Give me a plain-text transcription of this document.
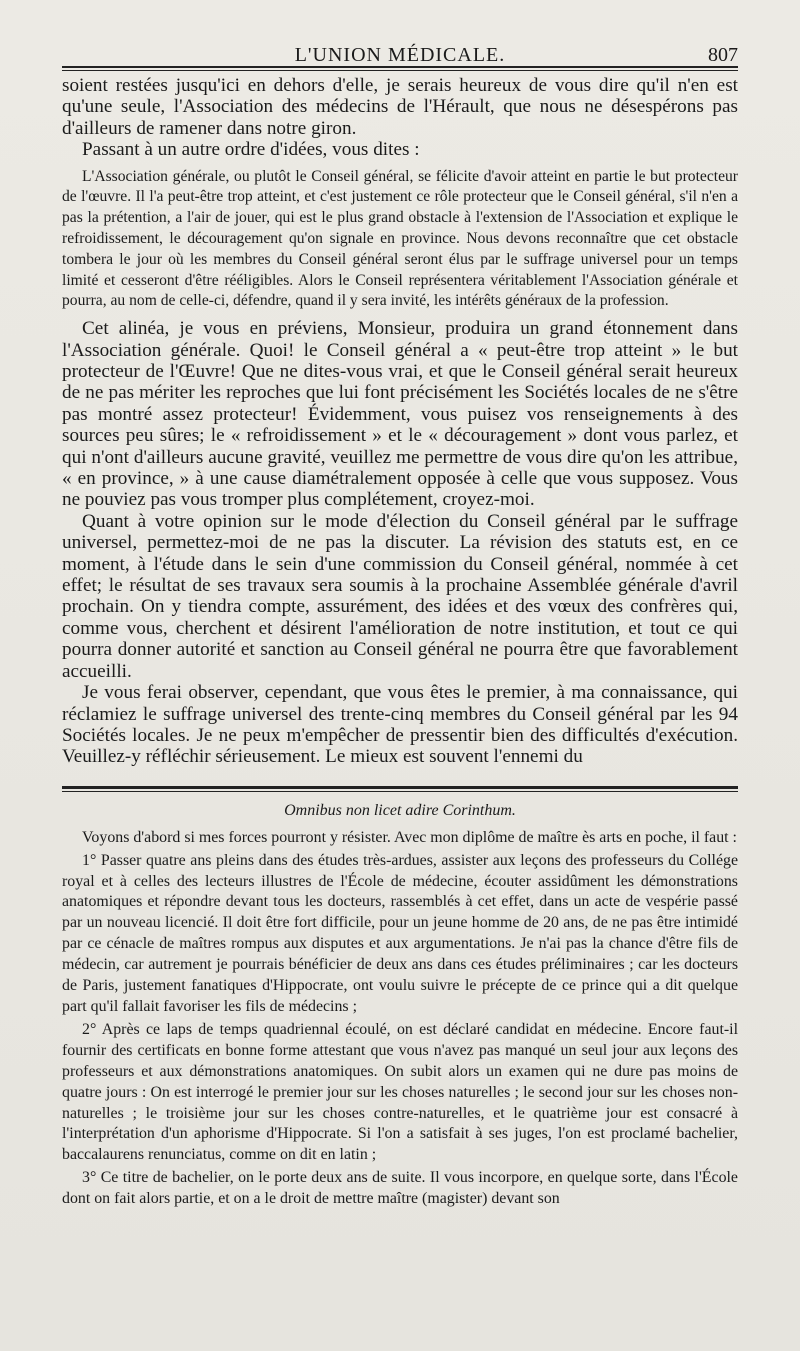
L'UNION MÉDICALE.	807

soient restées jusqu'ici en dehors d'elle, je serais heureux de vous dire qu'il n'en est qu'une seule, l'Association des médecins de l'Hérault, que nous ne désespérons pas d'ailleurs de ramener dans notre giron.

Passant à un autre ordre d'idées, vous dites :

L'Association générale, ou plutôt le Conseil général, se félicite d'avoir atteint en partie le but protecteur de l'œuvre. Il l'a peut-être trop atteint, et c'est justement ce rôle protecteur que le Conseil général, s'il n'en a pas la prétention, a l'air de jouer, qui est le plus grand obstacle à l'extension de l'Association et explique le refroidissement, le découragement qu'on signale en province. Nous devons reconnaître que cet obstacle tombera le jour où les membres du Conseil général seront élus par le suffrage universel pour un temps limité et cesseront d'être rééligibles. Alors le Conseil représentera véritablement l'Association générale et pourra, au nom de celle-ci, défendre, quand il y sera invité, les intérêts généraux de la profession.

Cet alinéa, je vous en préviens, Monsieur, produira un grand étonnement dans l'Association générale. Quoi! le Conseil général a « peut-être trop atteint » le but protecteur de l'Œuvre! Que ne dites-vous vrai, et que le Conseil général serait heureux de ne pas mériter les reproches que lui font précisément les Sociétés locales de ne s'être pas montré assez protecteur! Évidemment, vous puisez vos renseignements à des sources peu sûres; le « refroidissement » et le « découragement » dont vous parlez, et qui n'ont d'ailleurs aucune gravité, veuillez me permettre de vous dire qu'on les attribue, « en province, » à une cause diamétralement opposée à celle que vous supposez. Vous ne pouviez pas vous tromper plus complétement, croyez-moi.

Quant à votre opinion sur le mode d'élection du Conseil général par le suffrage universel, permettez-moi de ne pas la discuter. La révision des statuts est, en ce moment, à l'étude dans le sein d'une commission du Conseil général, nommée à cet effet; le résultat de ses travaux sera soumis à la prochaine Assemblée générale d'avril prochain. On y tiendra compte, assurément, des idées et des vœux des confrères qui, comme vous, cherchent et désirent l'amélioration de notre institution, et tout ce qui pourra donner autorité et sanction au Conseil général ne pourra être que favorablement accueilli.

Je vous ferai observer, cependant, que vous êtes le premier, à ma connaissance, qui réclamiez le suffrage universel des trente-cinq membres du Conseil général par les 94 Sociétés locales. Je ne peux m'empêcher de pressentir bien des difficultés d'exécution. Veuillez-y réfléchir sérieusement. Le mieux est souvent l'ennemi du

Omnibus non licet adire Corinthum.

Voyons d'abord si mes forces pourront y résister. Avec mon diplôme de maître ès arts en poche, il faut :

1° Passer quatre ans pleins dans des études très-ardues, assister aux leçons des professeurs du Collége royal et à celles des lecteurs illustres de l'École de médecine, écouter assidûment les démonstrations anatomiques et répondre devant tous les docteurs, rassemblés à cet effet, dans un acte de vespérie passé par un nouveau licencié. Il doit être fort difficile, pour un jeune homme de 20 ans, de ne pas être intimidé par ce cénacle de maîtres rompus aux disputes et aux argumentations. Je n'ai pas la chance d'être fils de médecin, car autrement je pourrais bénéficier de deux ans dans ces études préliminaires ; car les docteurs de Paris, justement fanatiques d'Hippocrate, ont voulu suivre le précepte de ce prince qui a dit quelque part qu'il fallait favoriser les fils de médecins ;

2° Après ce laps de temps quadriennal écoulé, on est déclaré candidat en médecine. Encore faut-il fournir des certificats en bonne forme attestant que vous n'avez pas manqué un seul jour aux leçons des professeurs et aux démonstrations anatomiques. On subit alors un examen qui ne dure pas moins de quatre jours : On est interrogé le premier jour sur les choses naturelles ; le second jour sur les choses non-naturelles ; le troisième jour sur les choses contre-naturelles, et le quatrième jour est consacré à l'interprétation d'un aphorisme d'Hippocrate. Si l'on a satisfait à ses juges, l'on est proclamé bachelier, baccalaurens renunciatus, comme on dit en latin ;

3° Ce titre de bachelier, on le porte deux ans de suite. Il vous incorpore, en quelque sorte, dans l'École dont on fait alors partie, et on a le droit de mettre maître (magister) devant son
